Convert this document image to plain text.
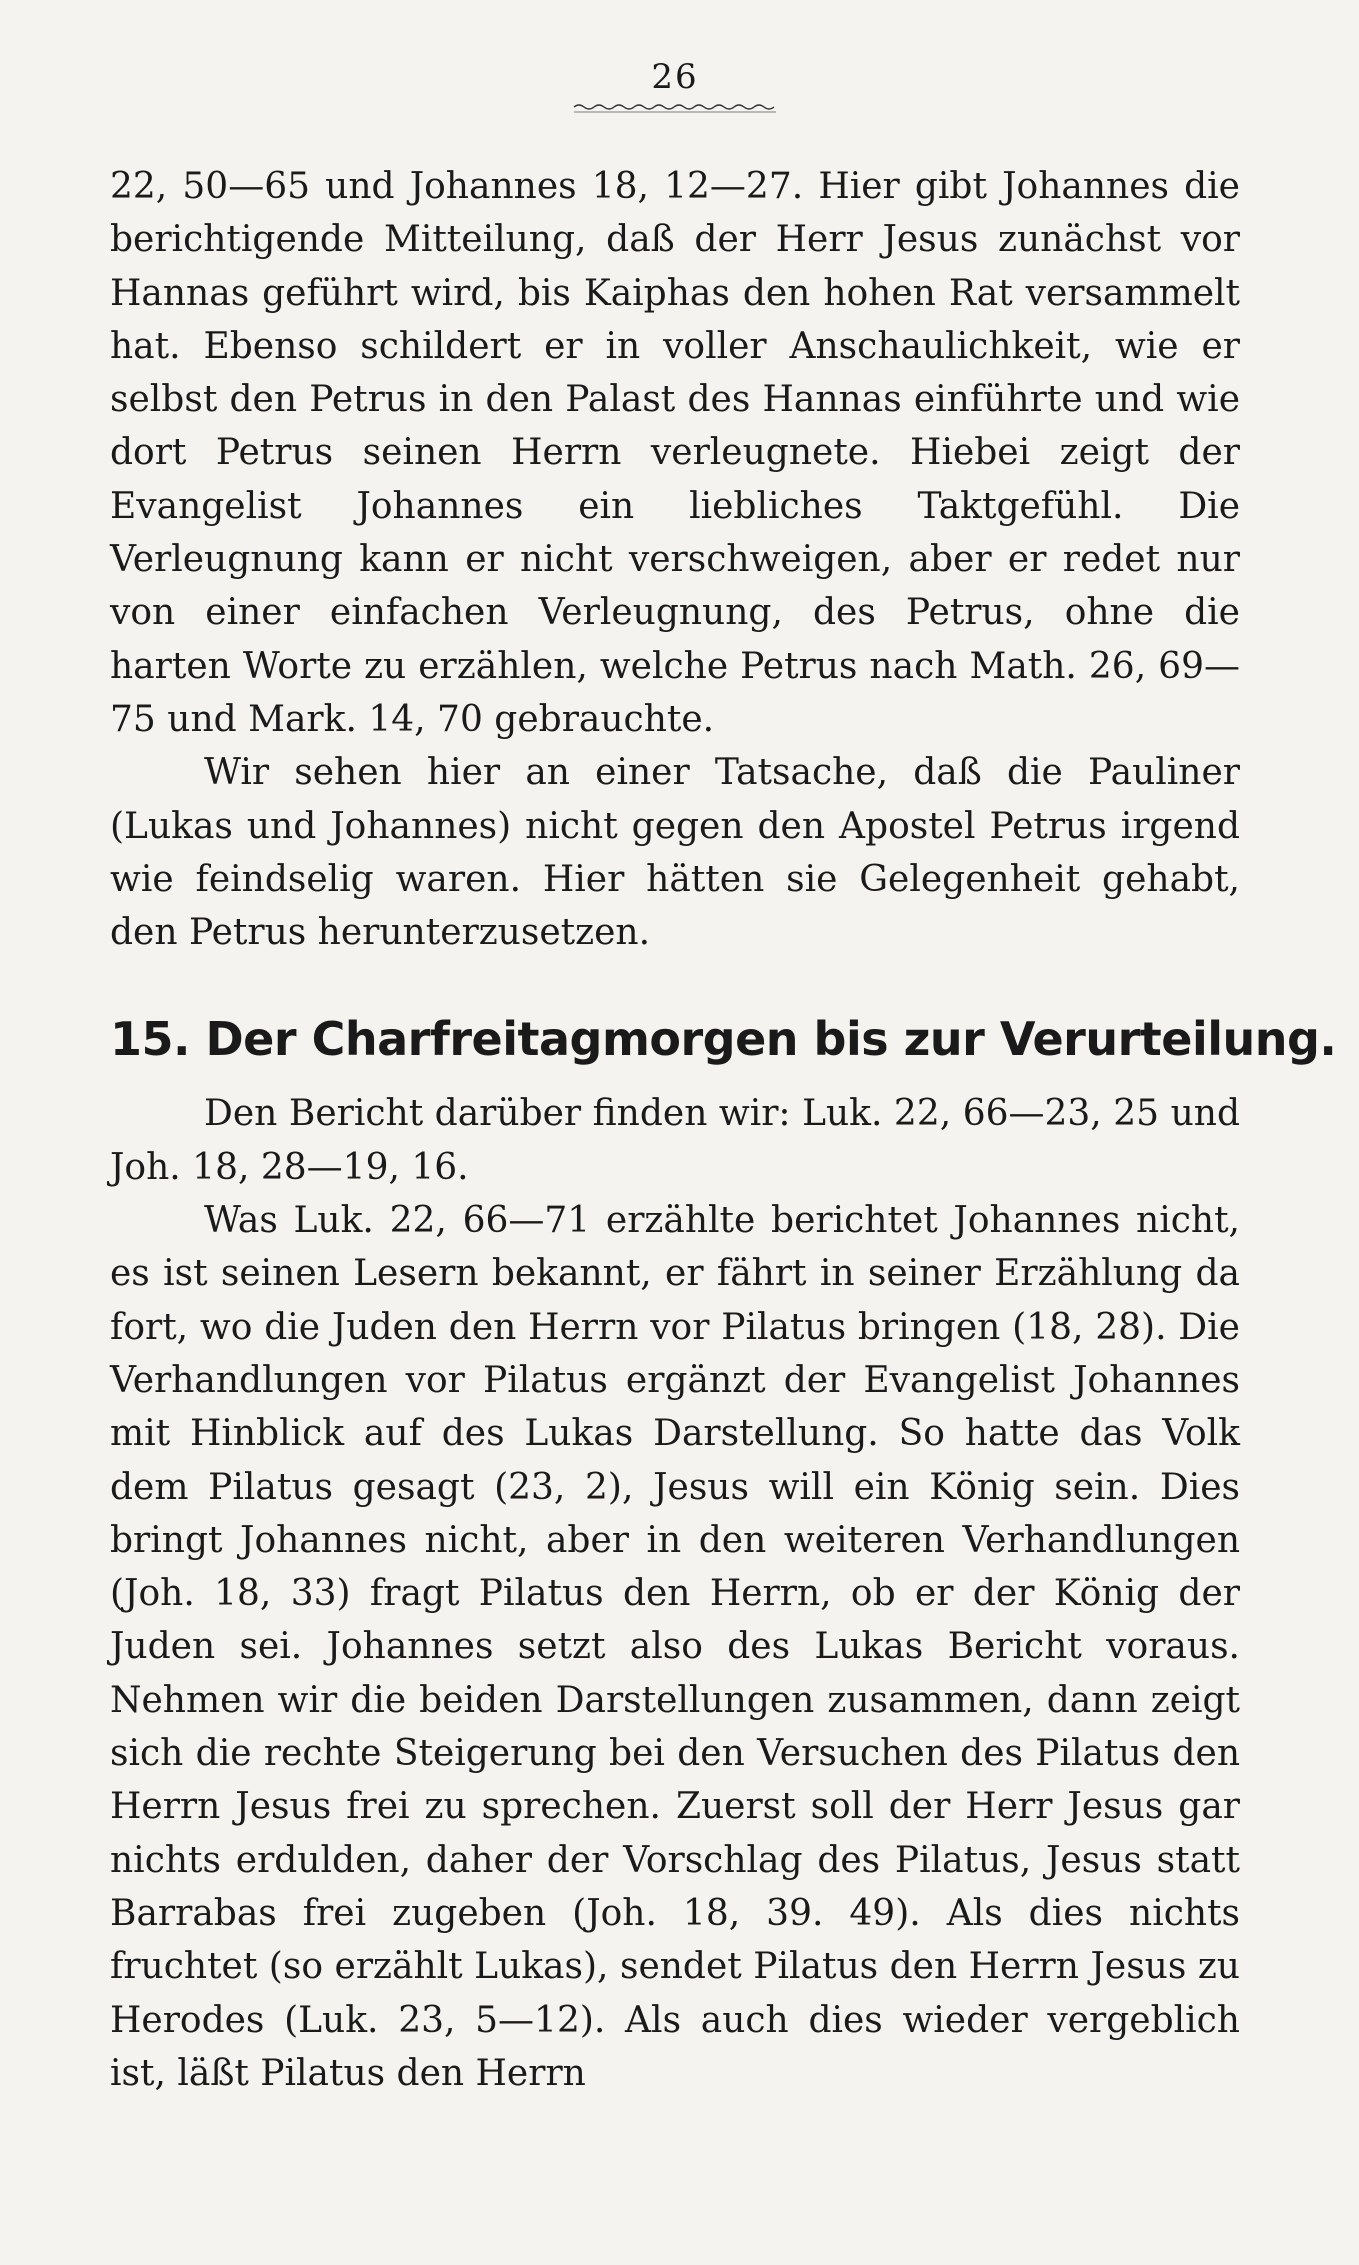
26

22, 50—65 und Johannes 18, 12—27. Hier gibt Johannes die berichtigende Mitteilung, daß der Herr Jesus zunächst vor Hannas geführt wird, bis Kaiphas den hohen Rat versammelt hat. Ebenso schildert er in voller Anschaulichkeit, wie er selbst den Petrus in den Palast des Hannas einführte und wie dort Petrus seinen Herrn verleugnete. Hiebei zeigt der Evangelist Johannes ein liebliches Taktgefühl. Die Verleugnung kann er nicht verschweigen, aber er redet nur von einer einfachen Verleugnung, des Petrus, ohne die harten Worte zu erzählen, welche Petrus nach Math. 26, 69—75 und Mark. 14, 70 gebrauchte.

Wir sehen hier an einer Tatsache, daß die Pauliner (Lukas und Johannes) nicht gegen den Apostel Petrus irgend wie feindselig waren. Hier hätten sie Gelegenheit gehabt, den Petrus herunterzusetzen.

15. Der Charfreitagmorgen bis zur Verurteilung.

Den Bericht darüber finden wir: Luk. 22, 66—23, 25 und Joh. 18, 28—19, 16.

Was Luk. 22, 66—71 erzählte berichtet Johannes nicht, es ist seinen Lesern bekannt, er fährt in seiner Erzählung da fort, wo die Juden den Herrn vor Pilatus bringen (18, 28). Die Verhandlungen vor Pilatus ergänzt der Evangelist Johannes mit Hinblick auf des Lukas Darstellung. So hatte das Volk dem Pilatus gesagt (23, 2), Jesus will ein König sein. Dies bringt Johannes nicht, aber in den weiteren Verhandlungen (Joh. 18, 33) fragt Pilatus den Herrn, ob er der König der Juden sei. Johannes setzt also des Lukas Bericht voraus. Nehmen wir die beiden Darstellungen zusammen, dann zeigt sich die rechte Steigerung bei den Versuchen des Pilatus den Herrn Jesus frei zu sprechen. Zuerst soll der Herr Jesus gar nichts erdulden, daher der Vorschlag des Pilatus, Jesus statt Barrabas frei zugeben (Joh. 18, 39. 49). Als dies nichts fruchtet (so erzählt Lukas), sendet Pilatus den Herrn Jesus zu Herodes (Luk. 23, 5—12). Als auch dies wieder vergeblich ist, läßt Pilatus den Herrn
